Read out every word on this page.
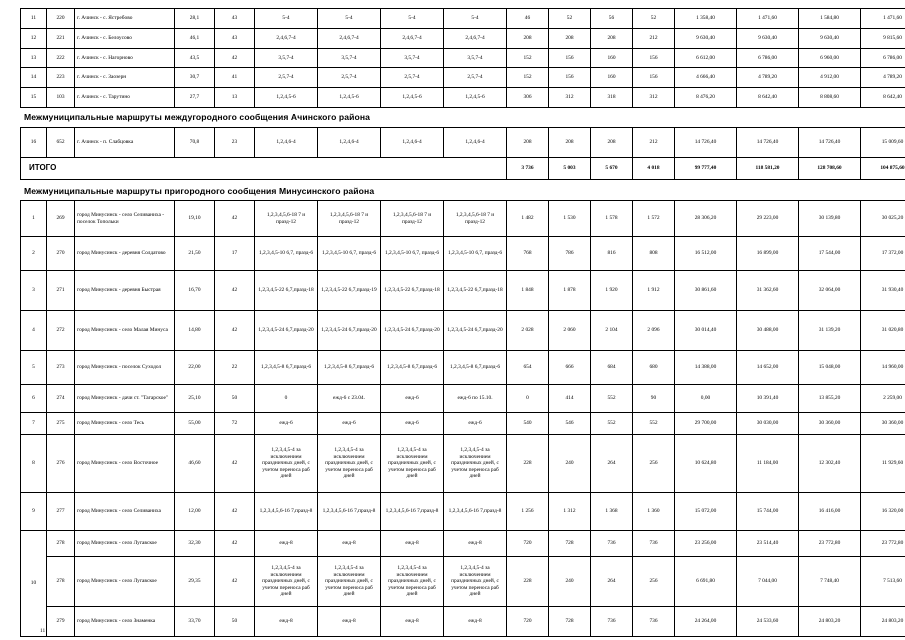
11	220	г. Ачинск - с. Ястребово	28,1	43	5-4	5-4	5-4	5-4	46	52	56	52	1 358,40	1 471,60	1 584,80	1 471,60
12	221	г. Ачинск - с. Белоусово	46,1	43	2,4,6,7-4	2,4,6,7-4	2,4,6,7-4	2,4,6,7-4	208	208	208	212	9 630,40	9 630,40	9 630,40	9 815,60
13	222	г. Ачинск - с. Нагорново	43,5	42	3,5,7-4	3,5,7-4	3,5,7-4	3,5,7-4	152	156	160	156	6 612,00	6 786,00	6 960,00	6 786,00
14	223	г. Ачинск - с. Заозерн	30,7	41	2,5,7-4	2,5,7-4	2,5,7-4	2,5,7-4	152	156	160	156	4 666,40	4 789,20	4 912,00	4 789,20
15	103	г. Ачинск - с. Тарутино	27,7	13	1,2,4,5-6	1,2,4,5-6	1,2,4,5-6	1,2,4,5-6	306	312	318	312	8 476,20	8 642,40	8 808,60	8 642,40
Межмуниципальные маршруты междугородного сообщения Ачинского района
16	652	г. Ачинск - п. Слабцовка	70,8	23	1,2,4,6-4	1,2,4,6-4	1,2,4,6-4	1,2,4,6-4	208	208	208	212	14 726,40	14 726,40	14 726,40	15 009,60
ИТОГО									3 736	5 003	5 670	4 018	99 777,40	118 581,20	128 708,60	104 875,60
Межмуниципальные маршруты пригородного сообщения Минусинского района
1	269	город Минусинск - село Селиваниха - поселок Топольки	19,10	42	1,2,3,4,5,6-18 7 и празд-12	1,2,3,4,5,6-18 7 и празд-12	1,2,3,4,5,6-18 7 и празд-12	1,2,3,4,5,6-18 7 и празд-12	1 482	1 530	1 578	1 572	28 306,20	29 223,00	30 139,80	30 025,20
2	270	город Минусинск - деревня Солдатово	21,50	17	1,2,3,4,5-10 6,7, празд-6	1,2,3,4,5-10 6,7, празд-6	1,2,3,4,5-10 6,7, празд-6	1,2,3,4,5-10 6,7, празд-6	768	786	816	808	16 512,00	16 899,00	17 544,00	17 372,00
3	271	город Минусинск - деревня Быстрая	16,70	42	1,2,3,4,5-22 6,7,празд-18	1,2,3,4,5-22 6,7,празд-19	1,2,3,4,5-22 6,7,празд-18	1,2,3,4,5-22 6,7,празд-18	1 848	1 878	1 920	1 912	30 861,60	31 362,60	32 064,00	31 930,40
4	272	город Минусинск - село Малая Минуса	14,80	42	1,2,3,4,5-24 6,7,празд-20	1,2,3,4,5-24 6,7,празд-20	1,2,3,4,5-24 6,7,празд-20	1,2,3,4,5-24 6,7,празд-20	2 028	2 060	2 104	2 096	30 014,40	30 488,00	31 139,20	31 020,80
5	273	город Минусинск - поселок Суходол	22,00	22	1,2,3,4,5-8 6,7,празд-6	1,2,3,4,5-8 6,7,празд-6	1,2,3,4,5-8 6,7,празд-6	1,2,3,4,5-8 6,7,празд-6	654	666	684	680	14 388,00	14 652,00	15 048,00	14 960,00
6	274	город Минусинск - дачи ст. "Тагарское"	25,10	50	0	ежд-6 с 23.04.	ежд-6	ежд-6 по 15.10.	0	414	552	90	0,00	10 391,40	13 855,20	2 259,00
7	275	город Минусинск - село Тесь	55,00	72	ежд-6	ежд-6	ежд-6	ежд-6	540	546	552	552	29 700,00	30 030,00	30 360,00	30 360,00
8	276	город Минусинск - село Восточное	46,60	42	1,2,3,4,5-4 за исключением праздничных дней, с учетом переноса раб дней	1,2,3,4,5-4 за исключением праздничных дней, с учетом переноса раб дней	1,2,3,4,5-4 за исключением праздничных дней, с учетом переноса раб дней	1,2,3,4,5-4 за исключением праздничных дней, с учетом переноса раб дней	228	240	264	256	10 624,80	11 184,00	12 302,40	11 929,60
9	277	город Минусинск - село Селиваниха	12,00	42	1,2,3,4,5,6-16 7,празд-8	1,2,3,4,5,6-16 7,празд-8	1,2,3,4,5,6-16 7,празд-8	1,2,3,4,5,6-16 7,празд-8	1 256	1 312	1 368	1 360	15 072,00	15 744,00	16 416,00	16 320,00
10	278	город Минусинск - село Лугавское	32,30	42	ежд-8	ежд-8	ежд-8	ежд-8	720	728	736	736	23 256,00	23 514,40	23 772,80	23 772,80
	278	город Минусинск - село Лугавское	29,35	42	1,2,3,4,5-4 за исключением праздничных дней, с учетом переноса раб дней	1,2,3,4,5-4 за исключением праздничных дней, с учетом переноса раб дней	1,2,3,4,5-4 за исключением праздничных дней, с учетом переноса раб дней	1,2,3,4,5-4 за исключением праздничных дней, с учетом переноса раб дней	228	240	264	256	6 691,80	7 044,00	7 748,40	7 513,60
	279	город Минусинск - село Знаменка	33,70	50	ежд-8	ежд-8	ежд-8	ежд-8	720	728	736	736	24 264,00	24 533,60	24 803,20	24 803,20
11
